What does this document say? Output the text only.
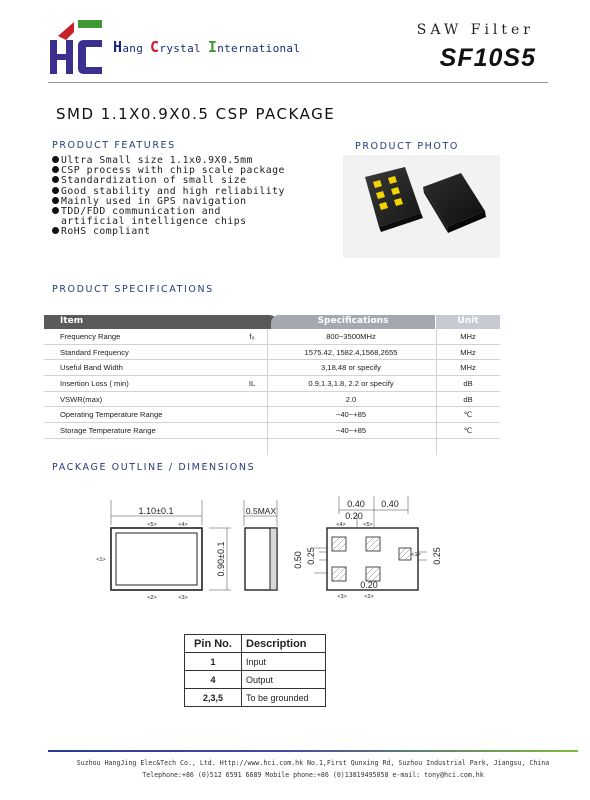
Hang Crystal International
SAW Filter
SF10S5
SMD 1.1X0.9X0.5 CSP PACKAGE
PRODUCT FEATURES
Ultra Small size 1.1x0.9X0.5mm
CSP process with chip scale package
Standardization of small size
Good stability and high reliability
Mainly used in GPS navigation
TDD/FDD communication and
artificial intelligence chips
RoHS compliant
PRODUCT PHOTO
PRODUCT SPECIFICATIONS
Item	Specifications	Unit
Frequency Range	f₀	800~3500MHz	MHz
Standard Frequency	1575.42, 1582.4,1568,2655	MHz
Useful Band Width	3,18,48 or specify	MHz
Insertion Loss ( min)	IL	0.9,1.3,1.8, 2.2 or specify	dB
VSWR(max)	2.0	dB
Operating Temperature Range	−40~+85	℃
Storage Temperature Range	−40~+85	℃
PACKAGE OUTLINE / DIMENSIONS
1.10±0.1
<5>	<4>
<1>
<2>	<3>
0.90±0.1
0.5MAX
0.40 0.40
0.20
<4>	<5>
<1>
0.20
<3>	<2>
0.50 0.25	0.25
Pin No.	Description
1	Input
4	Output
2,3,5	To be grounded
Suzhou HangJing Elec&Tech Co., Ltd. Http://www.hci.com.hk No.1,First Qunxing Rd, Suzhou Industrial Park, Jiangsu, China
Telephone:+86 (0)512 6591 6689 Mobile phone:+86 (0)13819495058 e-mail: tony@hci.com.hk
